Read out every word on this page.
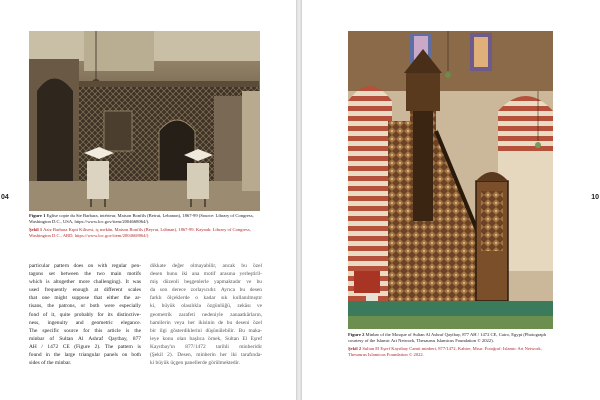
04
Figure 1 Eglise copte du Ste Barbara, intérieur, Maison Bonfils (Beirut, Lebanon), 1867-99 (Source: Library of Congress, Washington D.C., USA, https://www.loc.gov/item/2004668064/).
Şekil 1 Aziz Barbara Kıpti Kilisesi, iç mekân, Maison Bonfils (Beyrut, Lübnan), 1867-99. Kaynak: Library of Congress, Washington D.C., ABD, https://www.loc.gov/item/2004668064/)
particular pattern does on with regular pen-
tagons set between the two main motifs
which is altogether more challenging). It was
used frequently enough at different scales
that one might suppose that either the ar-
tisans, the patrons, or both were especially
fond of it, quite probably for its distinctive-
ness, ingenuity and geometric elegance.
The specific source for this article is the
minbar of Sultan Al Ashraf Qaytbay, 877
AH / 1472 CE (Figure 2). The pattern is
found in the large triangular panels on both
sides of the minbar.
dikkate değer olmayabilir, ancak bu özel
desen bunu iki ana motif arasına yerleştiril-
miş düzenli beşgenlerle yapmaktadır ve bu
da son derece zorlayıcıdır. Ayrıca bu desen
farklı ölçeklerde o kadar sık kullanılmıştır
ki, büyük olasılıkla özgünlüğü, zekâsı ve
geometrik zarafeti nedeniyle zanaatkârların,
hamilerin veya her ikisinin de bu deseni özel
bir ilgi gösterdiklerini düşünülebilir. Bu maka-
leye konu olan başlıca örnek, Sultan El Eşref
Kayıtbay'ın 877/1472 tarihli minberidir
(Şekil 2). Desen, minberin her iki tarafında-
ki büyük üçgen panellerde görülmektedir.
10
Figure 2 Minbar of the Mosque of Sultan Al Ashraf Qaytbay, 877 AH / 1472 CE, Cairo, Egypt (Photograph courtesy of the Islamic Art Network, Thesaurus Islamicus Foundation © 2022).
Şekil 2 Sultan El Eşref Kayıtbay Camii minberi, 877/1472, Kahire, Mısır. Fotoğraf: Islamic Art Network, Thesaurus Islamicus Foundation © 2022.
